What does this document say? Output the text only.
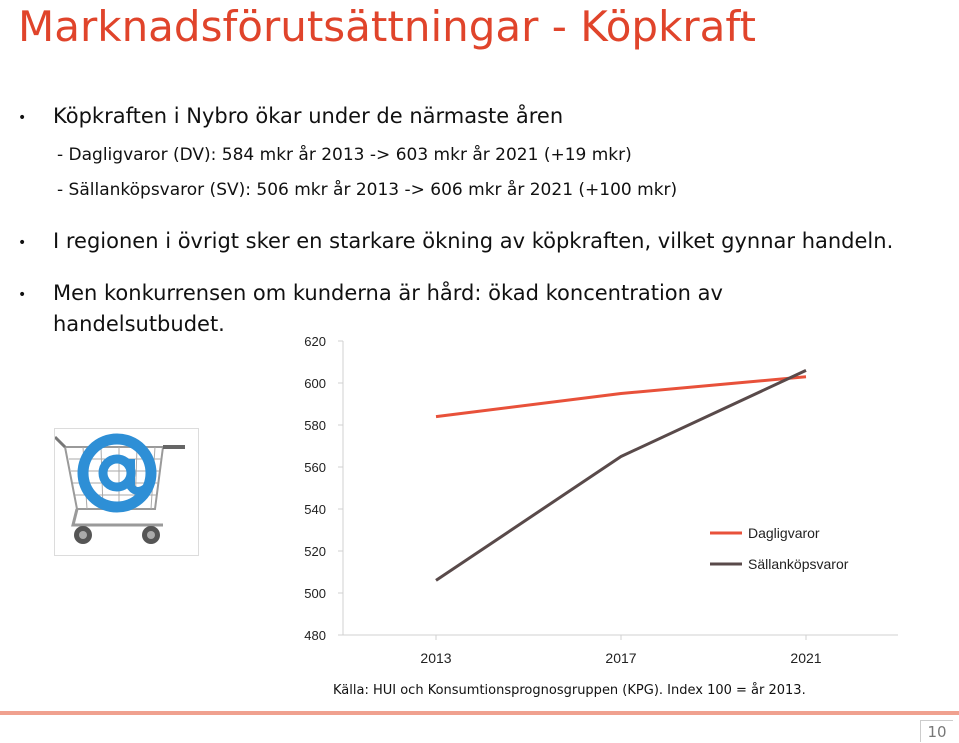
Marknadsförutsättningar - Köpkraft
• Köpkraften i Nybro ökar under de närmaste åren
- Dagligvaror (DV): 584 mkr år 2013 -> 603 mkr år 2021 (+19 mkr)
- Sällanköpsvaror (SV): 506 mkr år 2013 -> 606 mkr år 2021 (+100 mkr)
• I regionen i övrigt sker en starkare ökning av köpkraften, vilket gynnar handeln.
• Men konkurrensen om kunderna är hård: ökad koncentration av
handelsutbudet.
480
500
520
540
560
580
600
620
2013	2017	2021
Dagligvaror
Sällanköpsvaror
Källa: HUI och Konsumtionsprognosgruppen (KPG). Index 100 = år 2013.
10
